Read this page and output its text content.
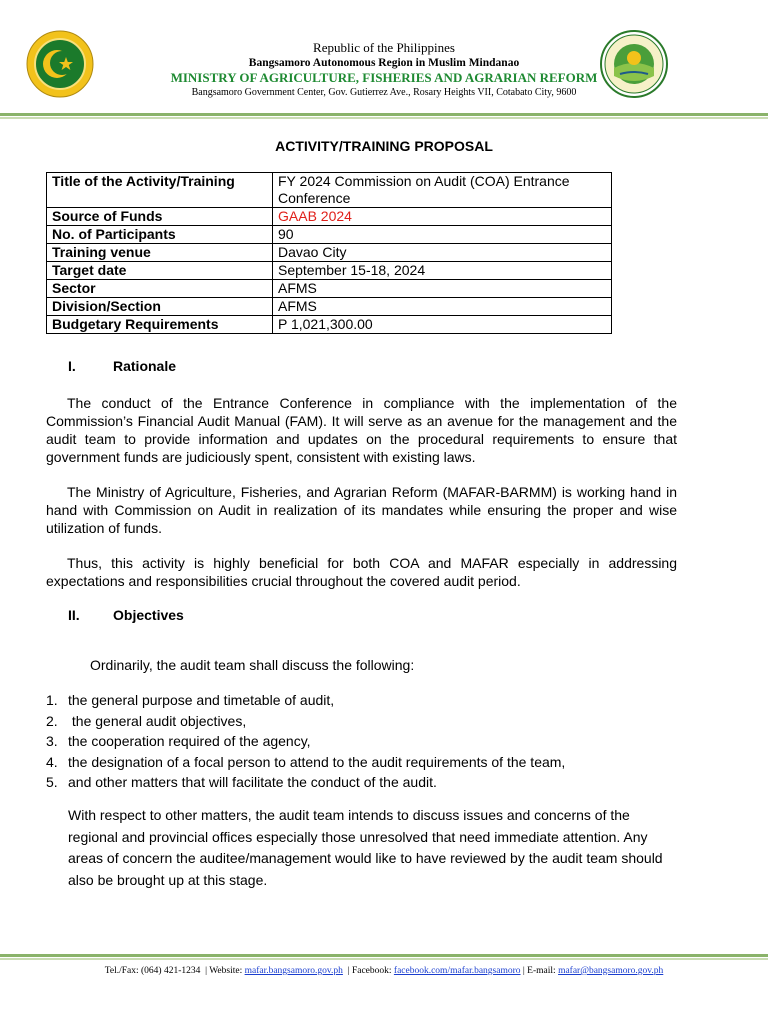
Republic of the Philippines
Bangsamoro Autonomous Region in Muslim Mindanao
MINISTRY OF AGRICULTURE, FISHERIES AND AGRARIAN REFORM
Bangsamoro Government Center, Gov. Gutierrez Ave., Rosary Heights VII, Cotabato City, 9600
ACTIVITY/TRAINING PROPOSAL
Title of the Activity/Training	FY 2024 Commission on Audit (COA) Entrance Conference
Source of Funds	GAAB 2024
No. of Participants	90
Training venue	Davao City
Target date	September 15-18, 2024
Sector	AFMS
Division/Section	AFMS
Budgetary Requirements	P 1,021,300.00
I.	Rationale
The conduct of the Entrance Conference in compliance with the implementation of the Commission’s Financial Audit Manual (FAM). It will serve as an avenue for the management and the audit team to provide information and updates on the procedural requirements to ensure that government funds are judiciously spent, consistent with existing laws.
The Ministry of Agriculture, Fisheries, and Agrarian Reform (MAFAR-BARMM) is working hand in hand with Commission on Audit in realization of its mandates while ensuring the proper and wise utilization of funds.
Thus, this activity is highly beneficial for both COA and MAFAR especially in addressing expectations and responsibilities crucial throughout the covered audit period.
II. Objectives
Ordinarily, the audit team shall discuss the following:
1. the general purpose and timetable of audit,
2. the general audit objectives,
3. the cooperation required of the agency,
4. the designation of a focal person to attend to the audit requirements of the team,
5. and other matters that will facilitate the conduct of the audit.
With respect to other matters, the audit team intends to discuss issues and concerns of the regional and provincial offices especially those unresolved that need immediate attention. Any areas of concern the auditee/management would like to have reviewed by the audit team should also be brought up at this stage.
Tel./Fax: (064) 421-1234 | Website: mafar.bangsamoro.gov.ph | Facebook: facebook.com/mafar.bangsamoro | E-mail: mafar@bangsamoro.gov.ph
